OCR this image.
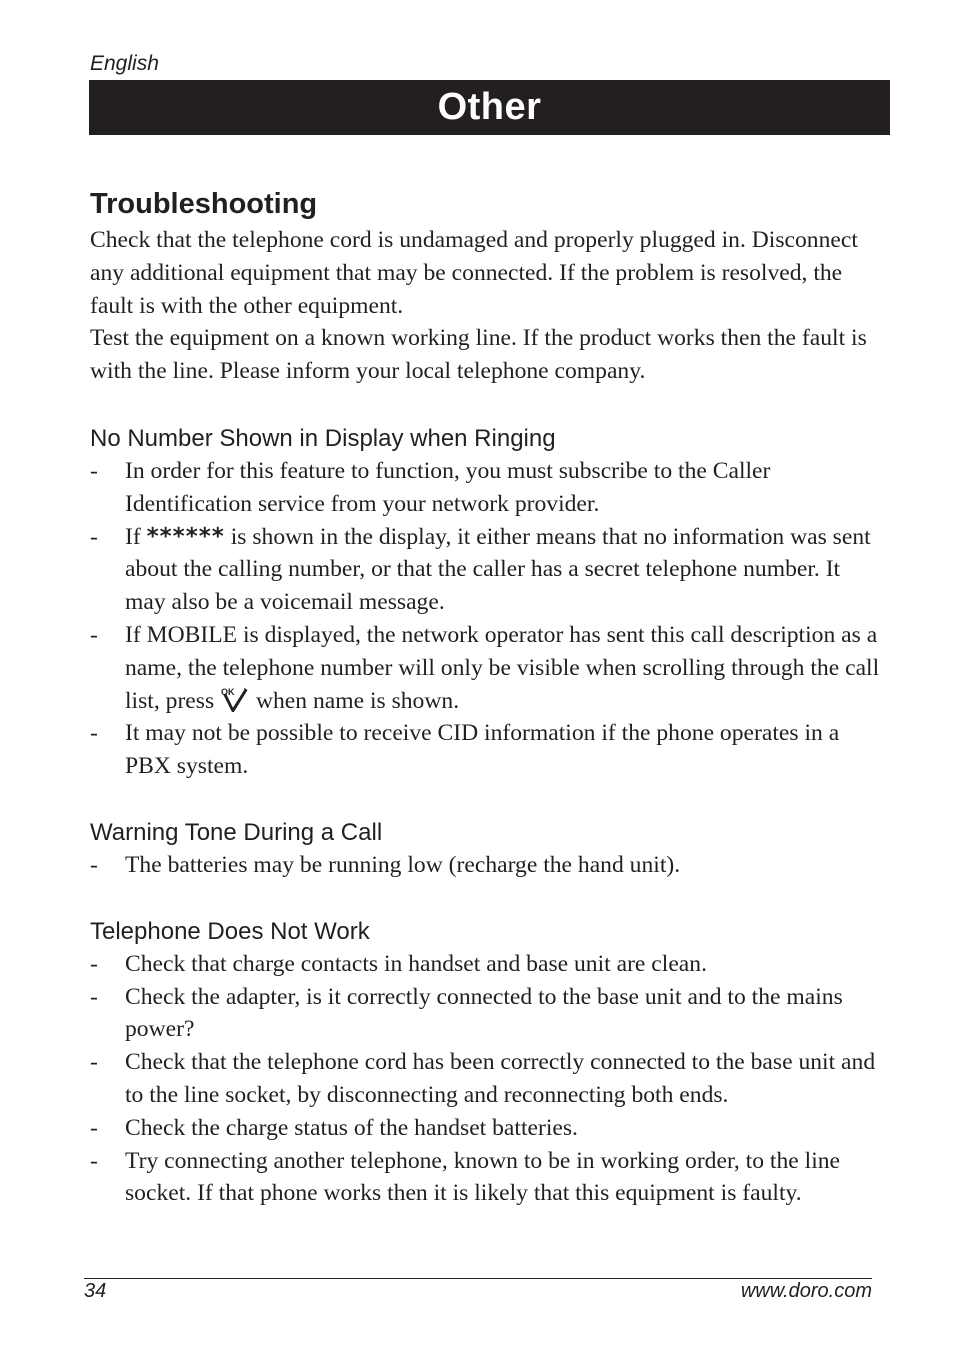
English
Other
Troubleshooting

Check that the telephone cord is undamaged and properly plugged in. Disconnect any additional equipment that may be connected. If the problem is resolved, the fault is with the other equipment.

Test the equipment on a known working line. If the product works then the fault is with the line. Please inform your local telephone company.

No Number Shown in Display when Ringing
- In order for this feature to function, you must subscribe to the Caller Identification service from your network provider.
- If ****** is shown in the display, it either means that no information was sent about the calling number, or that the caller has a secret telephone number. It may also be a voicemail message.
- If MOBILE is displayed, the network operator has sent this call description as a name, the telephone number will only be visible when scrolling through the call list, press OK when name is shown.
- It may not be possible to receive CID information if the phone operates in a PBX system.
Warning Tone During a Call
- The batteries may be running low (recharge the hand unit).
Telephone Does Not Work
- Check that charge contacts in handset and base unit are clean.
- Check the adapter, is it correctly connected to the base unit and to the mains power?
- Check that the telephone cord has been correctly connected to the base unit and to the line socket, by disconnecting and reconnecting both ends.
- Check the charge status of the handset batteries.
- Try connecting another telephone, known to be in working order, to the line socket. If that phone works then it is likely that this equipment is faulty.
34	www.doro.com
